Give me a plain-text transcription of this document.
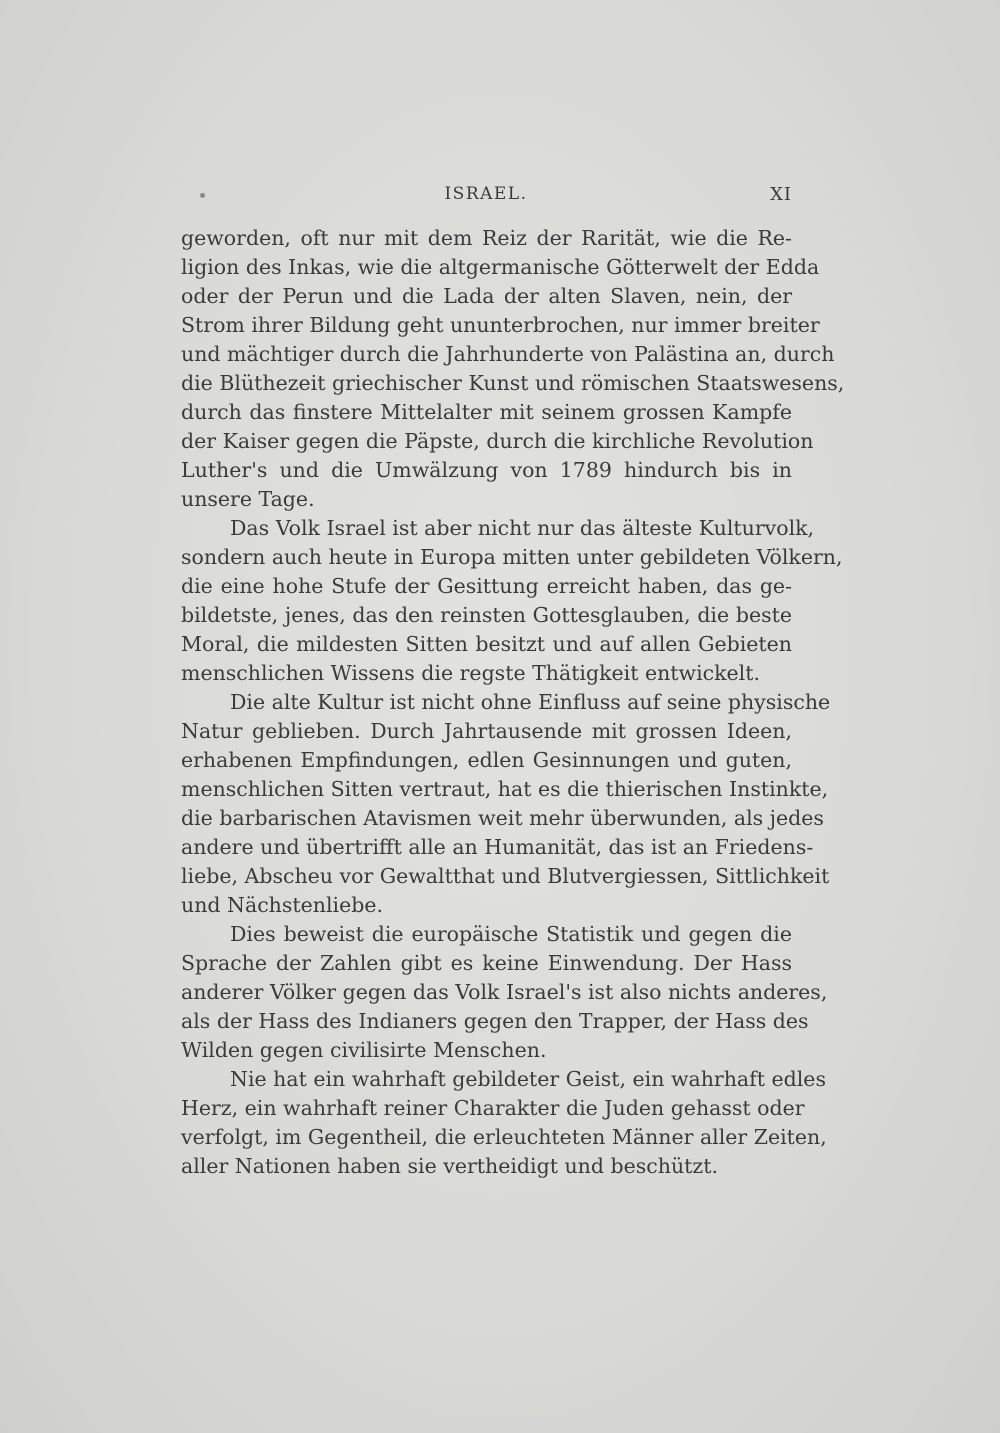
ISRAEL.	XI

geworden, oft nur mit dem Reiz der Rarität, wie die Re-
ligion des Inkas, wie die altgermanische Götterwelt der Edda
oder der Perun und die Lada der alten Slaven, nein, der
Strom ihrer Bildung geht ununterbrochen, nur immer breiter
und mächtiger durch die Jahrhunderte von Palästina an, durch
die Blüthezeit griechischer Kunst und römischen Staatswesens,
durch das finstere Mittelalter mit seinem grossen Kampfe
der Kaiser gegen die Päpste, durch die kirchliche Revolution
Luther's und die Umwälzung von 1789 hindurch bis in
unsere Tage.

Das Volk Israel ist aber nicht nur das älteste Kulturvolk,
sondern auch heute in Europa mitten unter gebildeten Völkern,
die eine hohe Stufe der Gesittung erreicht haben, das ge-
bildetste, jenes, das den reinsten Gottesglauben, die beste
Moral, die mildesten Sitten besitzt und auf allen Gebieten
menschlichen Wissens die regste Thätigkeit entwickelt.

Die alte Kultur ist nicht ohne Einfluss auf seine physische
Natur geblieben. Durch Jahrtausende mit grossen Ideen,
erhabenen Empfindungen, edlen Gesinnungen und guten,
menschlichen Sitten vertraut, hat es die thierischen Instinkte,
die barbarischen Atavismen weit mehr überwunden, als jedes
andere und übertrifft alle an Humanität, das ist an Friedens-
liebe, Abscheu vor Gewaltthat und Blutvergiessen, Sittlichkeit
und Nächstenliebe.

Dies beweist die europäische Statistik und gegen die
Sprache der Zahlen gibt es keine Einwendung. Der Hass
anderer Völker gegen das Volk Israel's ist also nichts anderes,
als der Hass des Indianers gegen den Trapper, der Hass des
Wilden gegen civilisirte Menschen.

Nie hat ein wahrhaft gebildeter Geist, ein wahrhaft edles
Herz, ein wahrhaft reiner Charakter die Juden gehasst oder
verfolgt, im Gegentheil, die erleuchteten Männer aller Zeiten,
aller Nationen haben sie vertheidigt und beschützt.
